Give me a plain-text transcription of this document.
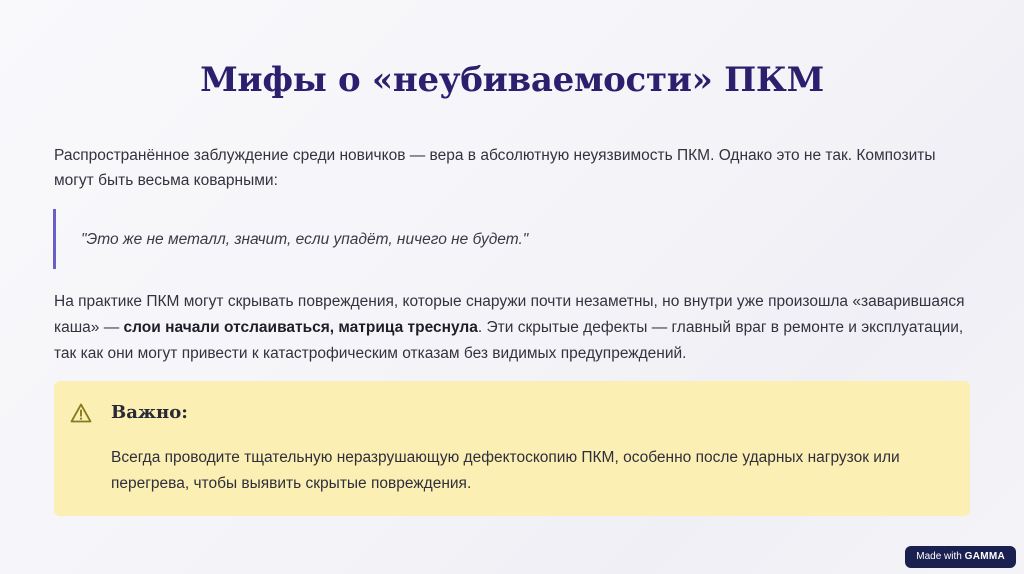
Мифы о «неубиваемости» ПКМ

Распространённое заблуждение среди новичков — вера в абсолютную неуязвимость ПКМ. Однако это не так. Композиты могут быть весьма коварными:

"Это же не металл, значит, если упадёт, ничего не будет."

На практике ПКМ могут скрывать повреждения, которые снаружи почти незаметны, но внутри уже произошла «заварившаяся каша» — слои начали отслаиваться, матрица треснула. Эти скрытые дефекты — главный враг в ремонте и эксплуатации, так как они могут привести к катастрофическим отказам без видимых предупреждений.

Важно:

Всегда проводите тщательную неразрушающую дефектоскопию ПКМ, особенно после ударных нагрузок или перегрева, чтобы выявить скрытые повреждения.

Made with GAMMA
